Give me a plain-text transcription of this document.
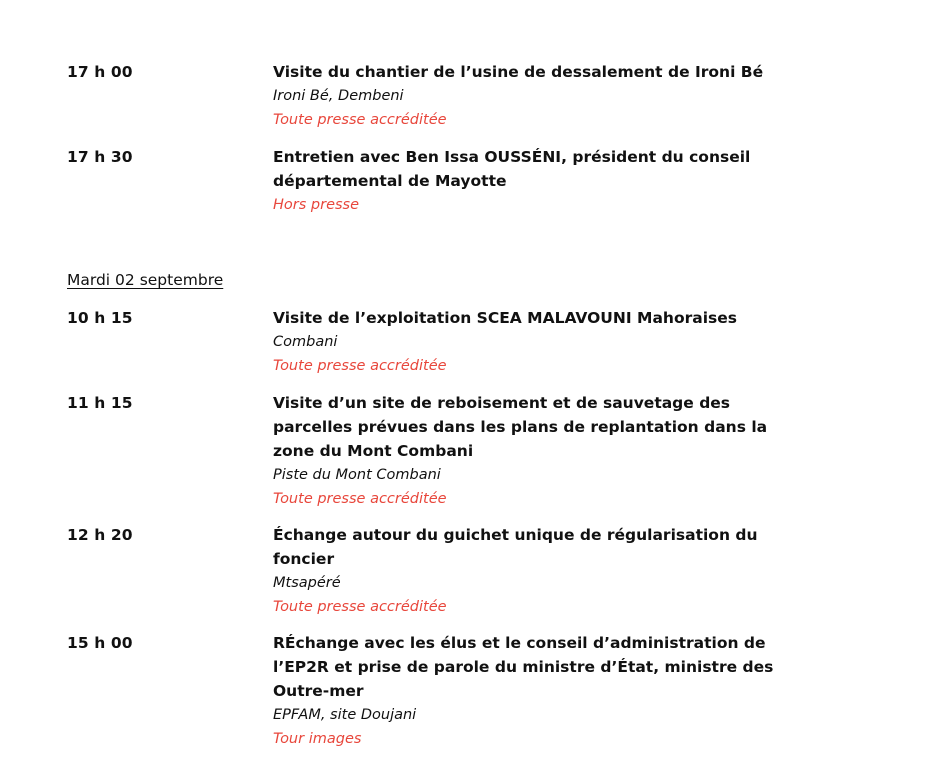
17 h 00	Visite du chantier de l’usine de dessalement de Ironi Bé

Ironi Bé, Dembeni

Toute presse accréditée

17 h 30	Entretien avec Ben Issa OUSSÉNI, président du conseil départemental de Mayotte

Hors presse

Mardi 02 septembre
10 h 15	Visite de l’exploitation SCEA MALAVOUNI Mahoraises

Combani

Toute presse accréditée

11 h 15	Visite d’un site de reboisement et de sauvetage des parcelles prévues dans les plans de replantation dans la zone du Mont Combani

Piste du Mont Combani

Toute presse accréditée

12 h 20	Échange autour du guichet unique de régularisation du foncier

Mtsapéré

Toute presse accréditée

15 h 00	RÉchange avec les élus et le conseil d’administration de l’EP2R et prise de parole du ministre d’État, ministre des Outre-mer

EPFAM, site Doujani

Tour images
